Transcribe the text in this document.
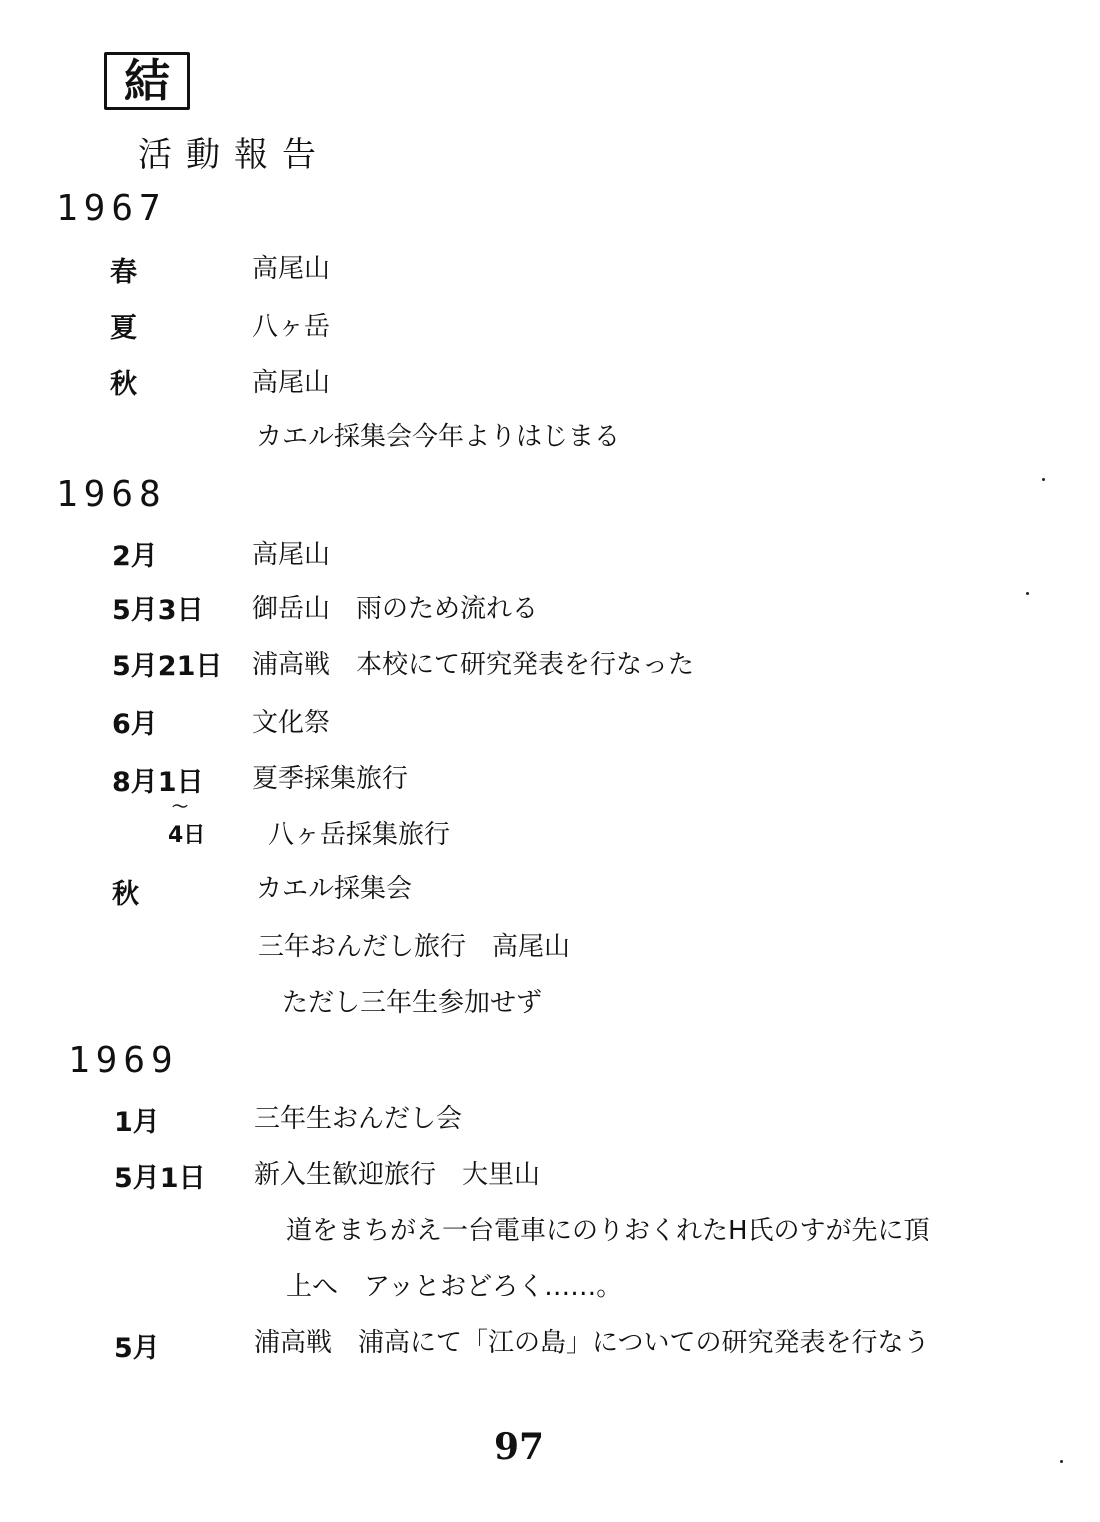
結
活動報告
1967
春	高尾山
夏	八ヶ岳
秋	高尾山
カエル採集会今年よりはじまる
1968
2月	高尾山
5月3日 御岳山　雨のため流れる
5月21日 浦高戦　本校にて研究発表を行なった
6月	文化祭
8月1日 夏季採集旅行
〜
4日 八ヶ岳採集旅行
秋	カエル採集会
三年おんだし旅行　高尾山
ただし三年生参加せず
1969
1月	三年生おんだし会
5月1日 新入生歓迎旅行　大里山
道をまちがえ一台電車にのりおくれたH氏のすが先に頂
上へ　アッとおどろく‥‥‥。
5月	浦高戦　浦高にて「江の島」についての研究発表を行なう
97
